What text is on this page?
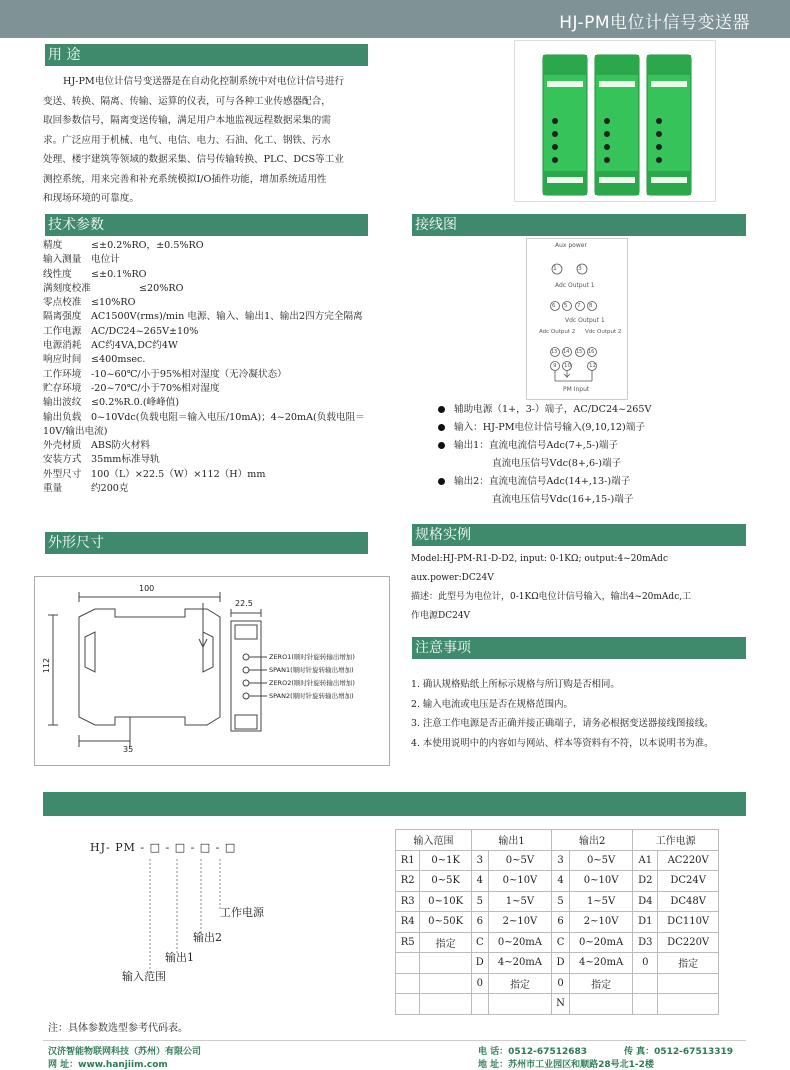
HJ-PM电位计信号变送器
用 途
HJ-PM电位计信号变送器是在自动化控制系统中对电位计信号进行
变送、转换、隔离、传输、运算的仪表，可与各种工业传感器配合，
取回参数信号，隔离变送传输，满足用户本地监视远程数据采集的需
求。广泛应用于机械、电气、电信、电力、石油、化工、钢铁、污水
处理、楼宇建筑等领域的数据采集、信号传输转换、PLC、DCS等工业
测控系统，用来完善和补充系统模拟I/O插件功能，增加系统适用性
和现场环境的可靠度。
技术参数
精度	≤±0.2%RO，±0.5%RO
输入测量	电位计
线性度	≤±0.1%RO
满刻度校准	≤20%RO
零点校准	≤10%RO
隔离强度	AC1500V(rms)/min 电源、输入、输出1、输出2四方完全隔离
工作电源	AC/DC24~265V±10%
电源消耗	AC约4VA,DC约4W
响应时间	≤400msec.
工作环境	-10~60℃/小于95%相对湿度（无冷凝状态）
贮存环境	-20~70℃/小于70%相对湿度
输出波纹	≤0.2%R.0.(峰峰值)
输出负载	0~10Vdc(负载电阻＝输入电压/10mA)；4~20mA(负载电阻＝
10V/输出电流)
外壳材质	ABS防火材料
安装方式	35mm标准导轨
外型尺寸	100（L）×22.5（W）×112（H）mm
重量	约200克
外形尺寸
100
112
35
22.5
ZERO1(顺时针旋转输出增加)
SPAN1(顺时针旋转输出增加)
ZERO2(顺时针旋转输出增加)
SPAN2(顺时针旋转输出增加)
接线图
Aux power
1	3
Adc Output 1
6 5 7 8
Vdc Output 1
Adc Output 2 Vdc Output 2
13 14 15 16
9 10	12
PM Input
辅助电源（1+，3-）端子，AC/DC24~265V
输入：HJ-PM电位计信号输入(9,10,12)端子
输出1：直流电流信号Adc(7+,5-)端子
直流电压信号Vdc(8+,6-)端子
输出2：直流电流信号Adc(14+,13-)端子
直流电压信号Vdc(16+,15-)端子
规格实例
Model:HJ-PM-R1-D-D2, input: 0-1KΩ; output:4~20mAdc
aux.power:DC24V
描述：此型号为电位计，0-1KΩ电位计信号输入，输出4~20mAdc,工
作电源DC24V
注意事项
1. 确认规格贴纸上所标示规格与所订购是否相同。
2. 输入电流或电压是否在规格范围内。
3. 注意工作电源是否正确并接正确端子，请务必根据变送器接线图接线。
4. 本使用说明中的内容如与网站、样本等资料有不符，以本说明书为准。
HJ- PM - □ - □ - □ - □
工作电源
输出2
输出1
输入范围
注：具体参数选型参考代码表。
输入范围		输出1		输出2		工作电源	
R1	0~1K	3	0~5V	3	0~5V	A1	AC220V
R2	0~5K	4	0~10V	4	0~10V	D2	DC24V
R3	0~10K	5	1~5V	5	1~5V	D4	DC48V
R4	0~50K	6	2~10V	6	2~10V	D1	DC110V
R5	指定	C	0~20mA	C	0~20mA	D3	DC220V
		D	4~20mA	D	4~20mA	0	指定
		0	指定	0	指定		
				N			
汉济智能物联网科技（苏州）有限公司
网 址：www.hanjiim.com
电 话：0512-67512683	传 真：0512-67513319
地 址：苏州市工业园区和顺路28号北1-2楼
